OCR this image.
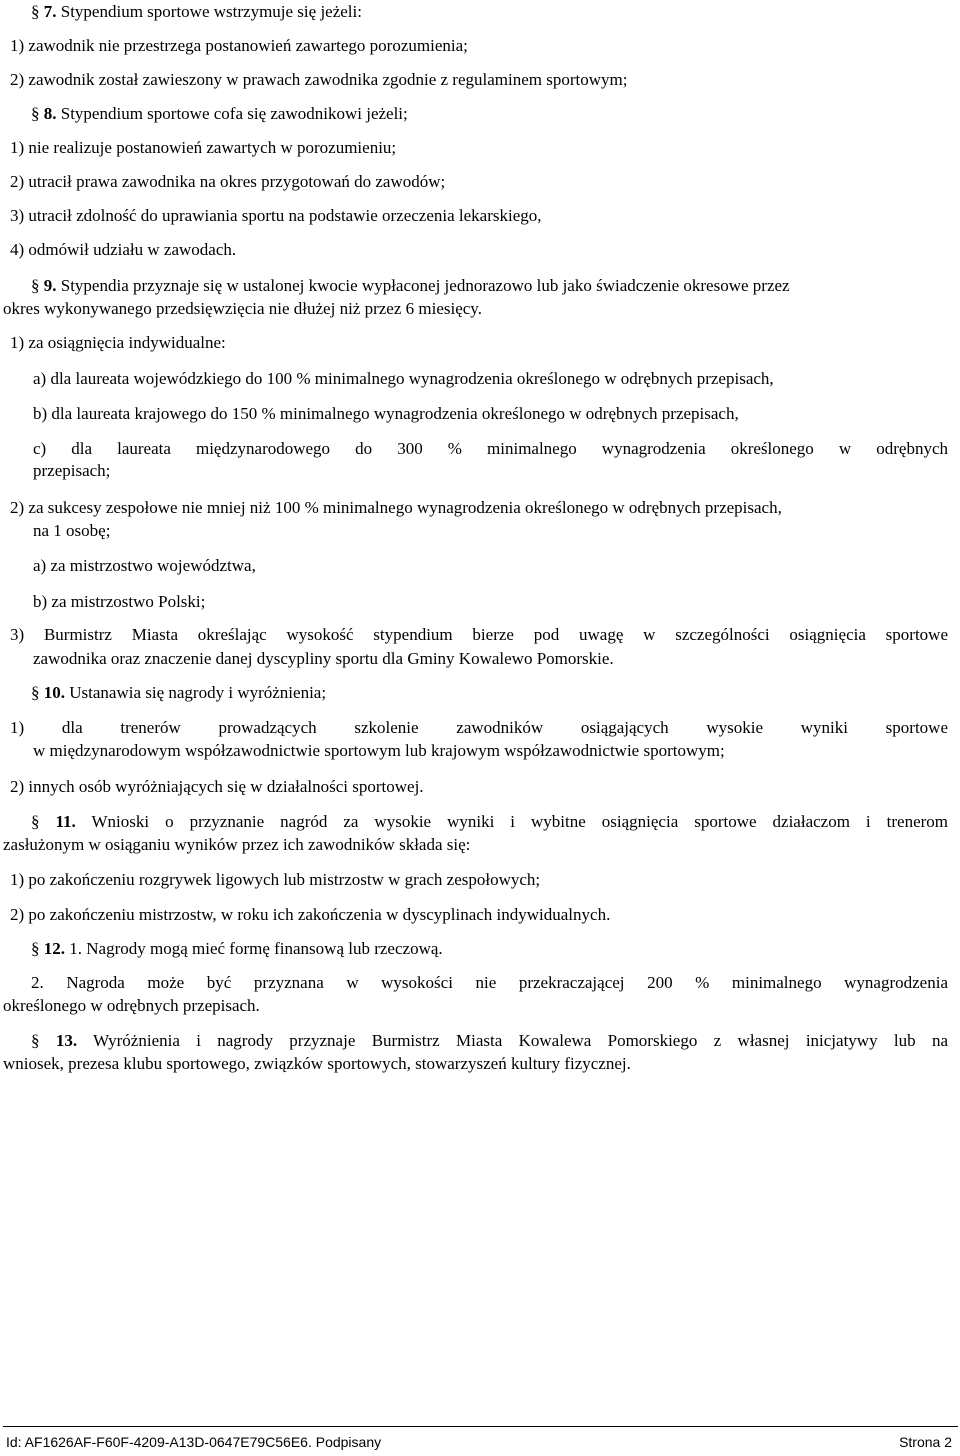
§ 7. Stypendium sportowe wstrzymuje się jeżeli:

1) zawodnik nie przestrzega postanowień zawartego porozumienia;

2) zawodnik został zawieszony w prawach zawodnika zgodnie z regulaminem sportowym;

§ 8. Stypendium sportowe cofa się zawodnikowi jeżeli;

1) nie realizuje postanowień zawartych w porozumieniu;

2) utracił prawa zawodnika na okres przygotowań do zawodów;

3) utracił zdolność do uprawiania sportu na podstawie orzeczenia lekarskiego,

4) odmówił udziału w zawodach.

§ 9. Stypendia przyznaje się w ustalonej kwocie wypłaconej jednorazowo lub jako świadczenie okresowe przez

okres wykonywanego przedsięwzięcia nie dłużej niż przez 6 miesięcy.

1) za osiągnięcia indywidualne:

a) dla laureata wojewódzkiego do 100 % minimalnego wynagrodzenia określonego w odrębnych przepisach,

b) dla laureata krajowego do 150 % minimalnego wynagrodzenia określonego w odrębnych przepisach,

c) dla laureata międzynarodowego do 300 % minimalnego wynagrodzenia określonego w odrębnych

przepisach;

2) za sukcesy zespołowe nie mniej niż 100 % minimalnego wynagrodzenia określonego w odrębnych przepisach,

na 1 osobę;

a) za mistrzostwo województwa,

b) za mistrzostwo Polski;

3) Burmistrz Miasta określając wysokość stypendium bierze pod uwagę w szczególności osiągnięcia sportowe

zawodnika oraz znaczenie danej dyscypliny sportu dla Gminy Kowalewo Pomorskie.

§ 10. Ustanawia się nagrody i wyróżnienia;

1) dla trenerów prowadzących szkolenie zawodników osiągających wysokie wyniki sportowe

w międzynarodowym współzawodnictwie sportowym lub krajowym współzawodnictwie sportowym;

2) innych osób wyróżniających się w działalności sportowej.

§ 11. Wnioski o przyznanie nagród za wysokie wyniki i wybitne osiągnięcia sportowe działaczom i trenerom

zasłużonym w osiąganiu wyników przez ich zawodników składa się:

1) po zakończeniu rozgrywek ligowych lub mistrzostw w grach zespołowych;

2) po zakończeniu mistrzostw, w roku ich zakończenia w dyscyplinach indywidualnych.

§ 12. 1. Nagrody mogą mieć formę finansową lub rzeczową.

2. Nagroda może być przyznana w wysokości nie przekraczającej 200 % minimalnego wynagrodzenia

określonego w odrębnych przepisach.

§ 13. Wyróżnienia i nagrody przyznaje Burmistrz Miasta Kowalewa Pomorskiego z własnej inicjatywy lub na

wniosek, prezesa klubu sportowego, związków sportowych, stowarzyszeń kultury fizycznej.

Id: AF1626AF-F60F-4209-A13D-0647E79C56E6. Podpisany	Strona 2
